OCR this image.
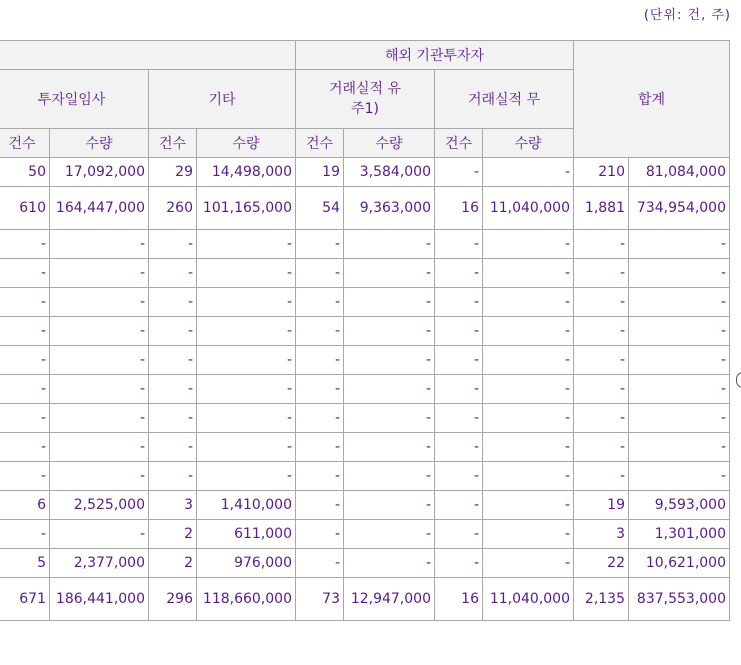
(단위: 건, 주)
				해외 기관투자자				합계	
투자일임사		기타		거래실적 유주1)		거래실적 무			
건수	수량	건수	수량	건수	수량	건수	수량		
50	17,092,000	29	14,498,000	19	3,584,000	-	-	210	81,084,000
610	164,447,000	260	101,165,000	54	9,363,000	16	11,040,000	1,881	734,954,000
-	-	-	-	-	-	-	-	-	-
-	-	-	-	-	-	-	-	-	-
-	-	-	-	-	-	-	-	-	-
-	-	-	-	-	-	-	-	-	-
-	-	-	-	-	-	-	-	-	-
-	-	-	-	-	-	-	-	-	-
-	-	-	-	-	-	-	-	-	-
-	-	-	-	-	-	-	-	-	-
-	-	-	-	-	-	-	-	-	-
6	2,525,000	3	1,410,000	-	-	-	-	19	9,593,000
-	-	2	611,000	-	-	-	-	3	1,301,000
5	2,377,000	2	976,000	-	-	-	-	22	10,621,000
671	186,441,000	296	118,660,000	73	12,947,000	16	11,040,000	2,135	837,553,000
